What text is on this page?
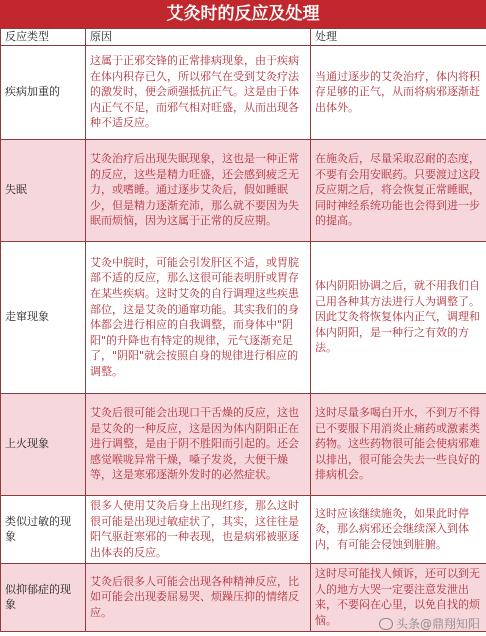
艾灸时的反应及处理
反应类型	原因	处理
疾病加重的	这属于正邪交锋的正常排病现象，由于疾病在体内积存已久，所以邪气在受到艾灸疗法的激发时，便会顽强抵抗正气。这是由于体内正气不足，而邪气相对旺盛，从而出现各种不适反应。	当通过逐步的艾灸治疗，体内将积存足够的正气，从而将病邪逐渐赶出体外。
失眠	艾灸治疗后出现失眠现象，这也是一种正常的反应，这些是精力旺盛，还会感到疲乏无力，或嗜睡。通过逐步艾灸后，假如睡眠少，但是精力逐渐充沛，那么就不要因为失眠而烦恼，因为这属于正常的反应期。	在施灸后，尽量采取忍耐的态度，不要有会用安眠药。只要渡过这段反应期之后，将会恢复正常睡眠，同时神经系统功能也会得到进一步的提高。
走窜现象	艾灸中脘时，可能会引发肝区不适，或胃脘部不适的反应，那么这很可能表明肝或胃存在某些疾病。这时艾灸的自行调理这些疾患部位，这是艾灸的通窜功能。其实我们的身体都会进行相应的自我调整，而身体中"阴阳"的升降也有特定的规律，元气逐渐充足了，"阴阳"就会按照自身的规律进行相应的调整。	体内阴阳协调之后，就不用我们自己用各种其方法进行人为调整了。因此艾灸将恢复体内正气，调理和体内阴阳，是一种行之有效的方法。
上火现象	艾灸后很可能会出现口干舌燥的反应，这也是艾灸的一种反应，这是因为体内阴阳正在进行调整，是由于阴不胜阳而引起的。还会感觉喉咙异常干燥，嗓子发炎，大便干燥等，这是寒邪逐渐外发时的必然症状。	这时尽量多喝白开水，不到万不得已不要服下用消炎止痛药或激素类药物。这些药物很可能会使病邪难以排出，很可能会失去一些良好的排病机会。
类似过敏的现象	很多人使用艾灸后身上出现红疹，那么这时很可能是出现过敏症状了，其实，这往往是阳气驱赶寒邪的一种表现，也是病邪被驱逐出体表的反应。	这时应该继续施灸，如果此时停灸，那么病邪还会继续深入到体内，有可能会侵蚀到脏腑。
似抑郁症的现象	艾灸后很多人可能会出现各种精神反应，比如可能会出现委屈易哭、烦躁压抑的情绪反应。	这时尽可能找人倾诉，还可以到无人的地方大哭一定要注意发泄出来，不要闷在心里，以免自找的烦恼。	头条@鼎翔知阳
